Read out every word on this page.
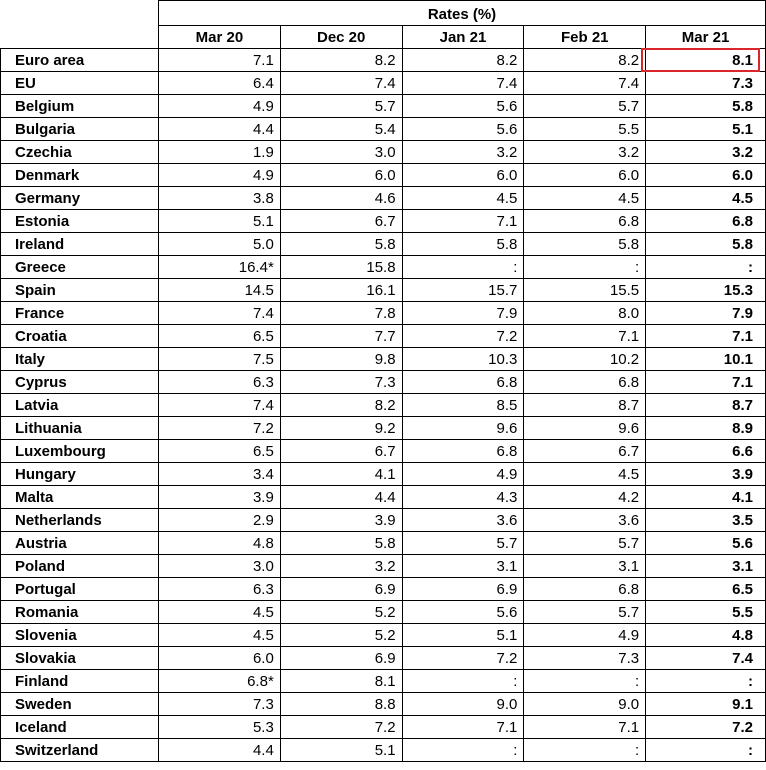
	Rates (%)				
	Mar 20	Dec 20	Jan 21	Feb 21	Mar 21
Euro area	7.1	8.2	8.2	8.2	8.1
EU	6.4	7.4	7.4	7.4	7.3
Belgium	4.9	5.7	5.6	5.7	5.8
Bulgaria	4.4	5.4	5.6	5.5	5.1
Czechia	1.9	3.0	3.2	3.2	3.2
Denmark	4.9	6.0	6.0	6.0	6.0
Germany	3.8	4.6	4.5	4.5	4.5
Estonia	5.1	6.7	7.1	6.8	6.8
Ireland	5.0	5.8	5.8	5.8	5.8
Greece	16.4*	15.8	:	:	:
Spain	14.5	16.1	15.7	15.5	15.3
France	7.4	7.8	7.9	8.0	7.9
Croatia	6.5	7.7	7.2	7.1	7.1
Italy	7.5	9.8	10.3	10.2	10.1
Cyprus	6.3	7.3	6.8	6.8	7.1
Latvia	7.4	8.2	8.5	8.7	8.7
Lithuania	7.2	9.2	9.6	9.6	8.9
Luxembourg	6.5	6.7	6.8	6.7	6.6
Hungary	3.4	4.1	4.9	4.5	3.9
Malta	3.9	4.4	4.3	4.2	4.1
Netherlands	2.9	3.9	3.6	3.6	3.5
Austria	4.8	5.8	5.7	5.7	5.6
Poland	3.0	3.2	3.1	3.1	3.1
Portugal	6.3	6.9	6.9	6.8	6.5
Romania	4.5	5.2	5.6	5.7	5.5
Slovenia	4.5	5.2	5.1	4.9	4.8
Slovakia	6.0	6.9	7.2	7.3	7.4
Finland	6.8*	8.1	:	:	:
Sweden	7.3	8.8	9.0	9.0	9.1
Iceland	5.3	7.2	7.1	7.1	7.2
Switzerland	4.4	5.1	:	:	:
